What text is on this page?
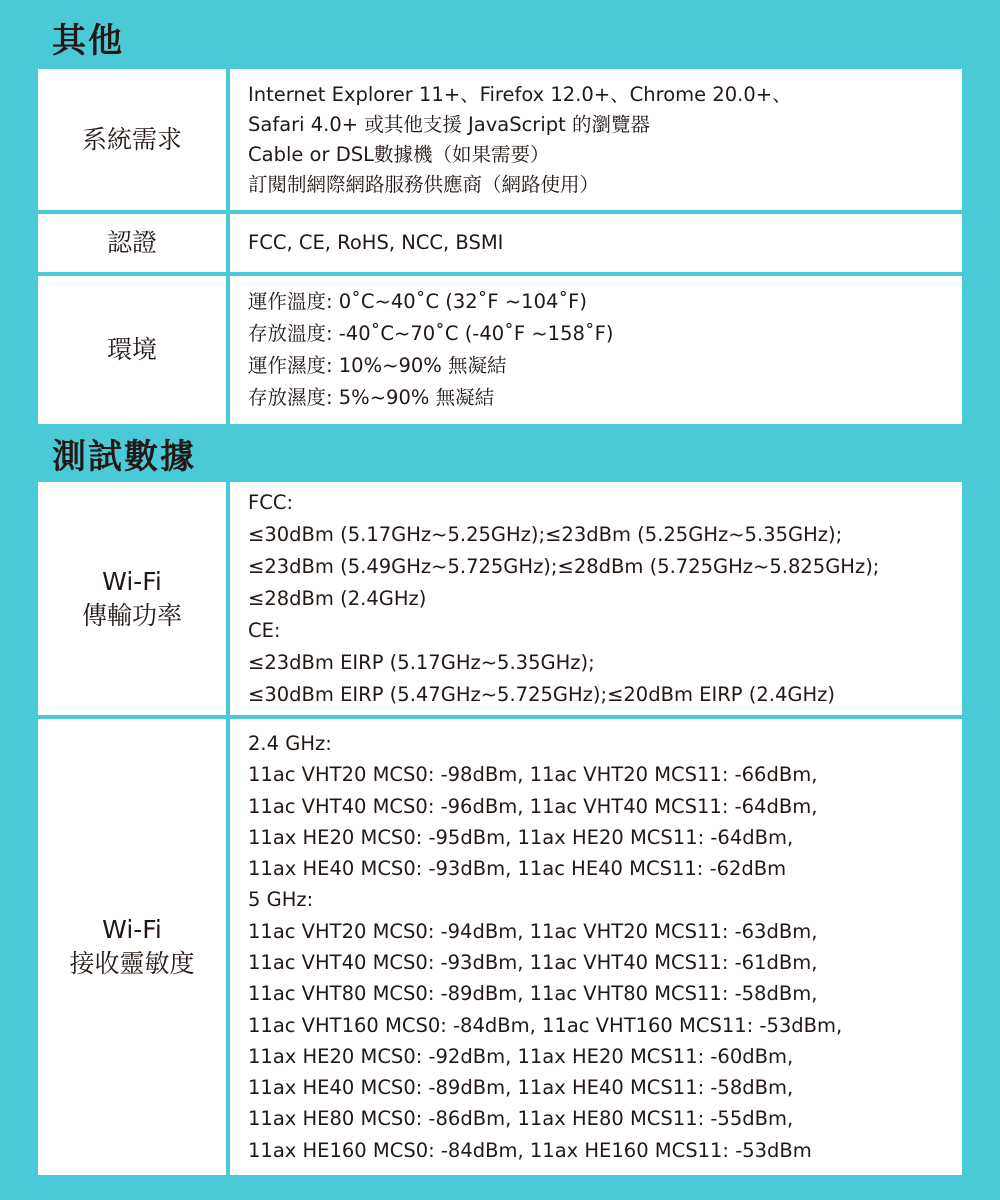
其他
系統需求
Internet Explorer 11+、Firefox 12.0+、Chrome 20.0+、
Safari 4.0+ 或其他支援 JavaScript 的瀏覽器
Cable or DSL數據機（如果需要）
訂閱制網際網路服務供應商（網路使用）
認證	FCC, CE, RoHS, NCC, BSMI
環境
運作溫度: 0˚C~40˚C (32˚F ~104˚F)
存放溫度: -40˚C~70˚C (-40˚F ~158˚F)
運作濕度: 10%~90% 無凝結
存放濕度: 5%~90% 無凝結
測試數據
Wi-Fi
傳輸功率
FCC:
≤30dBm (5.17GHz~5.25GHz);≤23dBm (5.25GHz~5.35GHz);
≤23dBm (5.49GHz~5.725GHz);≤28dBm (5.725GHz~5.825GHz);
≤28dBm (2.4GHz)
CE:
≤23dBm EIRP (5.17GHz~5.35GHz);
≤30dBm EIRP (5.47GHz~5.725GHz);≤20dBm EIRP (2.4GHz)
Wi-Fi
接收靈敏度
2.4 GHz:
11ac VHT20 MCS0: -98dBm, 11ac VHT20 MCS11: -66dBm,
11ac VHT40 MCS0: -96dBm, 11ac VHT40 MCS11: -64dBm,
11ax HE20 MCS0: -95dBm, 11ax HE20 MCS11: -64dBm,
11ax HE40 MCS0: -93dBm, 11ac HE40 MCS11: -62dBm
5 GHz:
11ac VHT20 MCS0: -94dBm, 11ac VHT20 MCS11: -63dBm,
11ac VHT40 MCS0: -93dBm, 11ac VHT40 MCS11: -61dBm,
11ac VHT80 MCS0: -89dBm, 11ac VHT80 MCS11: -58dBm,
11ac VHT160 MCS0: -84dBm, 11ac VHT160 MCS11: -53dBm,
11ax HE20 MCS0: -92dBm, 11ax HE20 MCS11: -60dBm,
11ax HE40 MCS0: -89dBm, 11ax HE40 MCS11: -58dBm,
11ax HE80 MCS0: -86dBm, 11ax HE80 MCS11: -55dBm,
11ax HE160 MCS0: -84dBm, 11ax HE160 MCS11: -53dBm
